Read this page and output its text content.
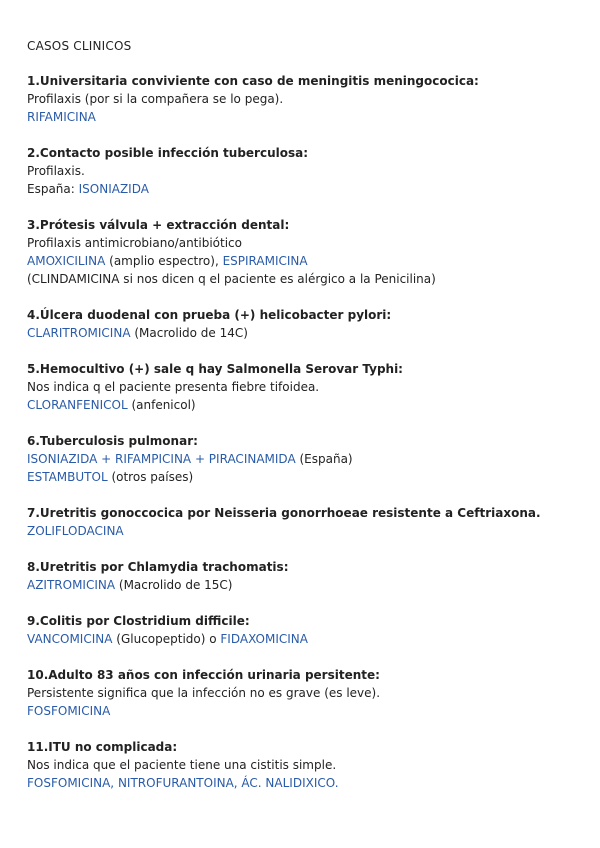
CASOS CLINICOS
1.Universitaria conviviente con caso de meningitis meningococica:
Profilaxis (por si la compañera se lo pega).
RIFAMICINA
2.Contacto posible infección tuberculosa:
Profilaxis.
España: ISONIAZIDA
3.Prótesis válvula + extracción dental:
Profilaxis antimicrobiano/antibiótico
AMOXICILINA (amplio espectro), ESPIRAMICINA
(CLINDAMICINA si nos dicen q el paciente es alérgico a la Penicilina)
4.Úlcera duodenal con prueba (+) helicobacter pylori:
CLARITROMICINA (Macrolido de 14C)
5.Hemocultivo (+) sale q hay Salmonella Serovar Typhi:
Nos indica q el paciente presenta fiebre tifoidea.
CLORANFENICOL (anfenicol)
6.Tuberculosis pulmonar:
ISONIAZIDA + RIFAMPICINA + PIRACINAMIDA (España)
ESTAMBUTOL (otros países)
7.Uretritis gonoccocica por Neisseria gonorrhoeae resistente a Ceftriaxona.
ZOLIFLODACINA
8.Uretritis por Chlamydia trachomatis:
AZITROMICINA (Macrolido de 15C)
9.Colitis por Clostridium difficile:
VANCOMICINA (Glucopeptido) o FIDAXOMICINA
10.Adulto 83 años con infección urinaria persitente:
Persistente significa que la infección no es grave (es leve).
FOSFOMICINA
11.ITU no complicada:
Nos indica que el paciente tiene una cistitis simple.
FOSFOMICINA, NITROFURANTOINA, ÁC. NALIDIXICO.
